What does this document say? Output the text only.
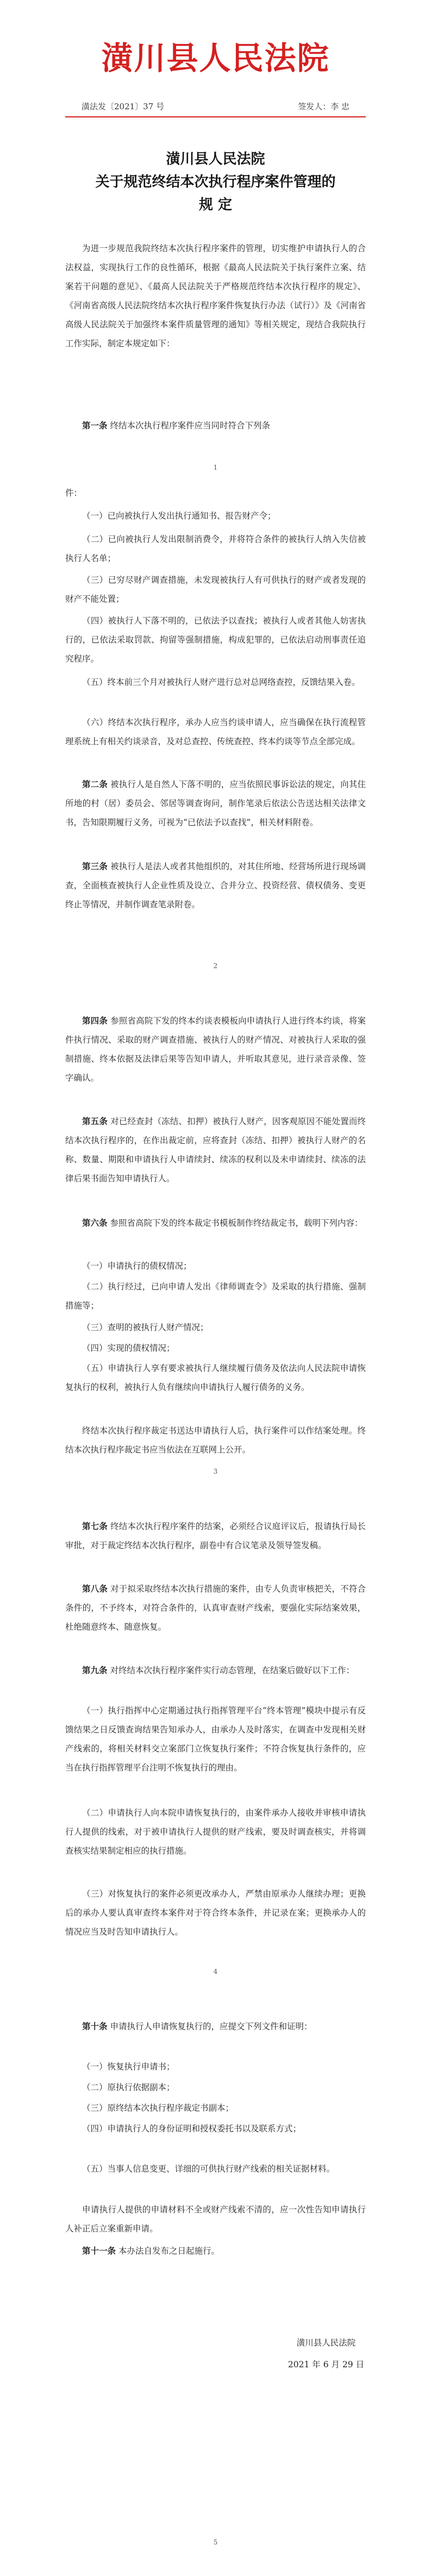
潢川县人民法院
潢法发〔2021〕37 号	签发人：李 忠
潢川县人民法院
关于规范终结本次执行程序案件管理的
规 定
为进一步规范我院终结本次执行程序案件的管理，切实维护申请执行人的合法权益，实现执行工作的良性循环，根据《最高人民法院关于执行案件立案、结案若干问题的意见》、《最高人民法院关于严格规范终结本次执行程序的规定》、《河南省高级人民法院终结本次执行程序案件恢复执行办法（试行）》及《河南省高级人民法院关于加强终本案件质量管理的通知》等相关规定，现结合我院执行工作实际，制定本规定如下：
第一条 终结本次执行程序案件应当同时符合下列条
1
件：
（一）已向被执行人发出执行通知书、报告财产令；
（二）已向被执行人发出限制消费令，并将符合条件的被执行人纳入失信被执行人名单；
（三）已穷尽财产调查措施，未发现被执行人有可供执行的财产或者发现的财产不能处置；
（四）被执行人下落不明的，已依法予以查找；被执行人或者其他人妨害执行的，已依法采取罚款、拘留等强制措施，构成犯罪的，已依法启动刑事责任追究程序。
（五）终本前三个月对被执行人财产进行总对总网络查控，反馈结果入卷。
（六）终结本次执行程序，承办人应当约谈申请人，应当确保在执行流程管理系统上有相关约谈录音，及对总查控、传统查控、终本约谈等节点全部完成。
第二条 被执行人是自然人下落不明的，应当依照民事诉讼法的规定，向其住所地的村（居）委员会、邻居等调查询问，制作笔录后依法公告送达相关法律文书，告知限期履行义务，可视为“已依法予以查找”，相关材料附卷。
第三条 被执行人是法人或者其他组织的，对其住所地、经营场所进行现场调查，全面核查被执行人企业性质及设立、合并分立、投资经营、债权债务、变更终止等情况，并制作调查笔录附卷。
2
第四条 参照省高院下发的终本约谈表模板向申请执行人进行终本约谈，将案件执行情况、采取的财产调查措施、被执行人的财产情况、对被执行人采取的强制措施、终本依据及法律后果等告知申请人，并听取其意见，进行录音录像、签字确认。
第五条 对已经查封（冻结、扣押）被执行人财产，因客观原因不能处置而终结本次执行程序的，在作出裁定前，应将查封（冻结、扣押）被执行人财产的名称、数量、期限和申请执行人申请续封、续冻的权利以及未申请续封、续冻的法律后果书面告知申请执行人。
第六条 参照省高院下发的终本裁定书模板制作终结裁定书，载明下列内容：
（一）申请执行的债权情况；
（二）执行经过，已向申请人发出《律师调查令》及采取的执行措施、强制措施等；
（三）查明的被执行人财产情况；
（四）实现的债权情况；
（五）申请执行人享有要求被执行人继续履行债务及依法向人民法院申请恢复执行的权利，被执行人负有继续向申请执行人履行债务的义务。
终结本次执行程序裁定书送达申请执行人后，执行案件可以作结案处理。终结本次执行程序裁定书应当依法在互联网上公开。
3
第七条 终结本次执行程序案件的结案，必须经合议庭评议后，报请执行局长审批，对于裁定终结本次执行程序，副卷中有合议笔录及领导签发稿。
第八条 对于拟采取终结本次执行措施的案件，由专人负责审核把关，不符合条件的，不予终本，对符合条件的，认真审查财产线索，要强化实际结案效果，杜绝随意终本、随意恢复。
第九条 对终结本次执行程序案件实行动态管理，在结案后做好以下工作：
（一）执行指挥中心定期通过执行指挥管理平台“终本管理”模块中提示有反馈结果之日反馈查询结果告知承办人，由承办人及时落实，在调查中发现相关财产线索的，将相关材料交立案部门立恢复执行案件；不符合恢复执行条件的，应当在执行指挥管理平台注明不恢复执行的理由。
（二）申请执行人向本院申请恢复执行的，由案件承办人接收并审核申请执行人提供的线索，对于被申请执行人提供的财产线索，要及时调查核实，并将调查核实结果制定相应的执行措施。
（三）对恢复执行的案件必须更改承办人，严禁由原承办人继续办理；更换后的承办人要认真审查终本案件对于符合终本条件，并记录在案；更换承办人的情况应当及时告知申请执行人。
4
第十条 申请执行人申请恢复执行的，应提交下列文件和证明：
（一）恢复执行申请书；
（二）原执行依据副本；
（三）原终结本次执行程序裁定书副本；
（四）申请执行人的身份证明和授权委托书以及联系方式；
（五）当事人信息变更、详细的可供执行财产线索的相关证据材料。
申请执行人提供的申请材料不全或财产线索不清的，应一次性告知申请执行人补正后立案重新申请。
第十一条 本办法自发布之日起施行。
潢川县人民法院
2021 年 6 月 29 日
5
